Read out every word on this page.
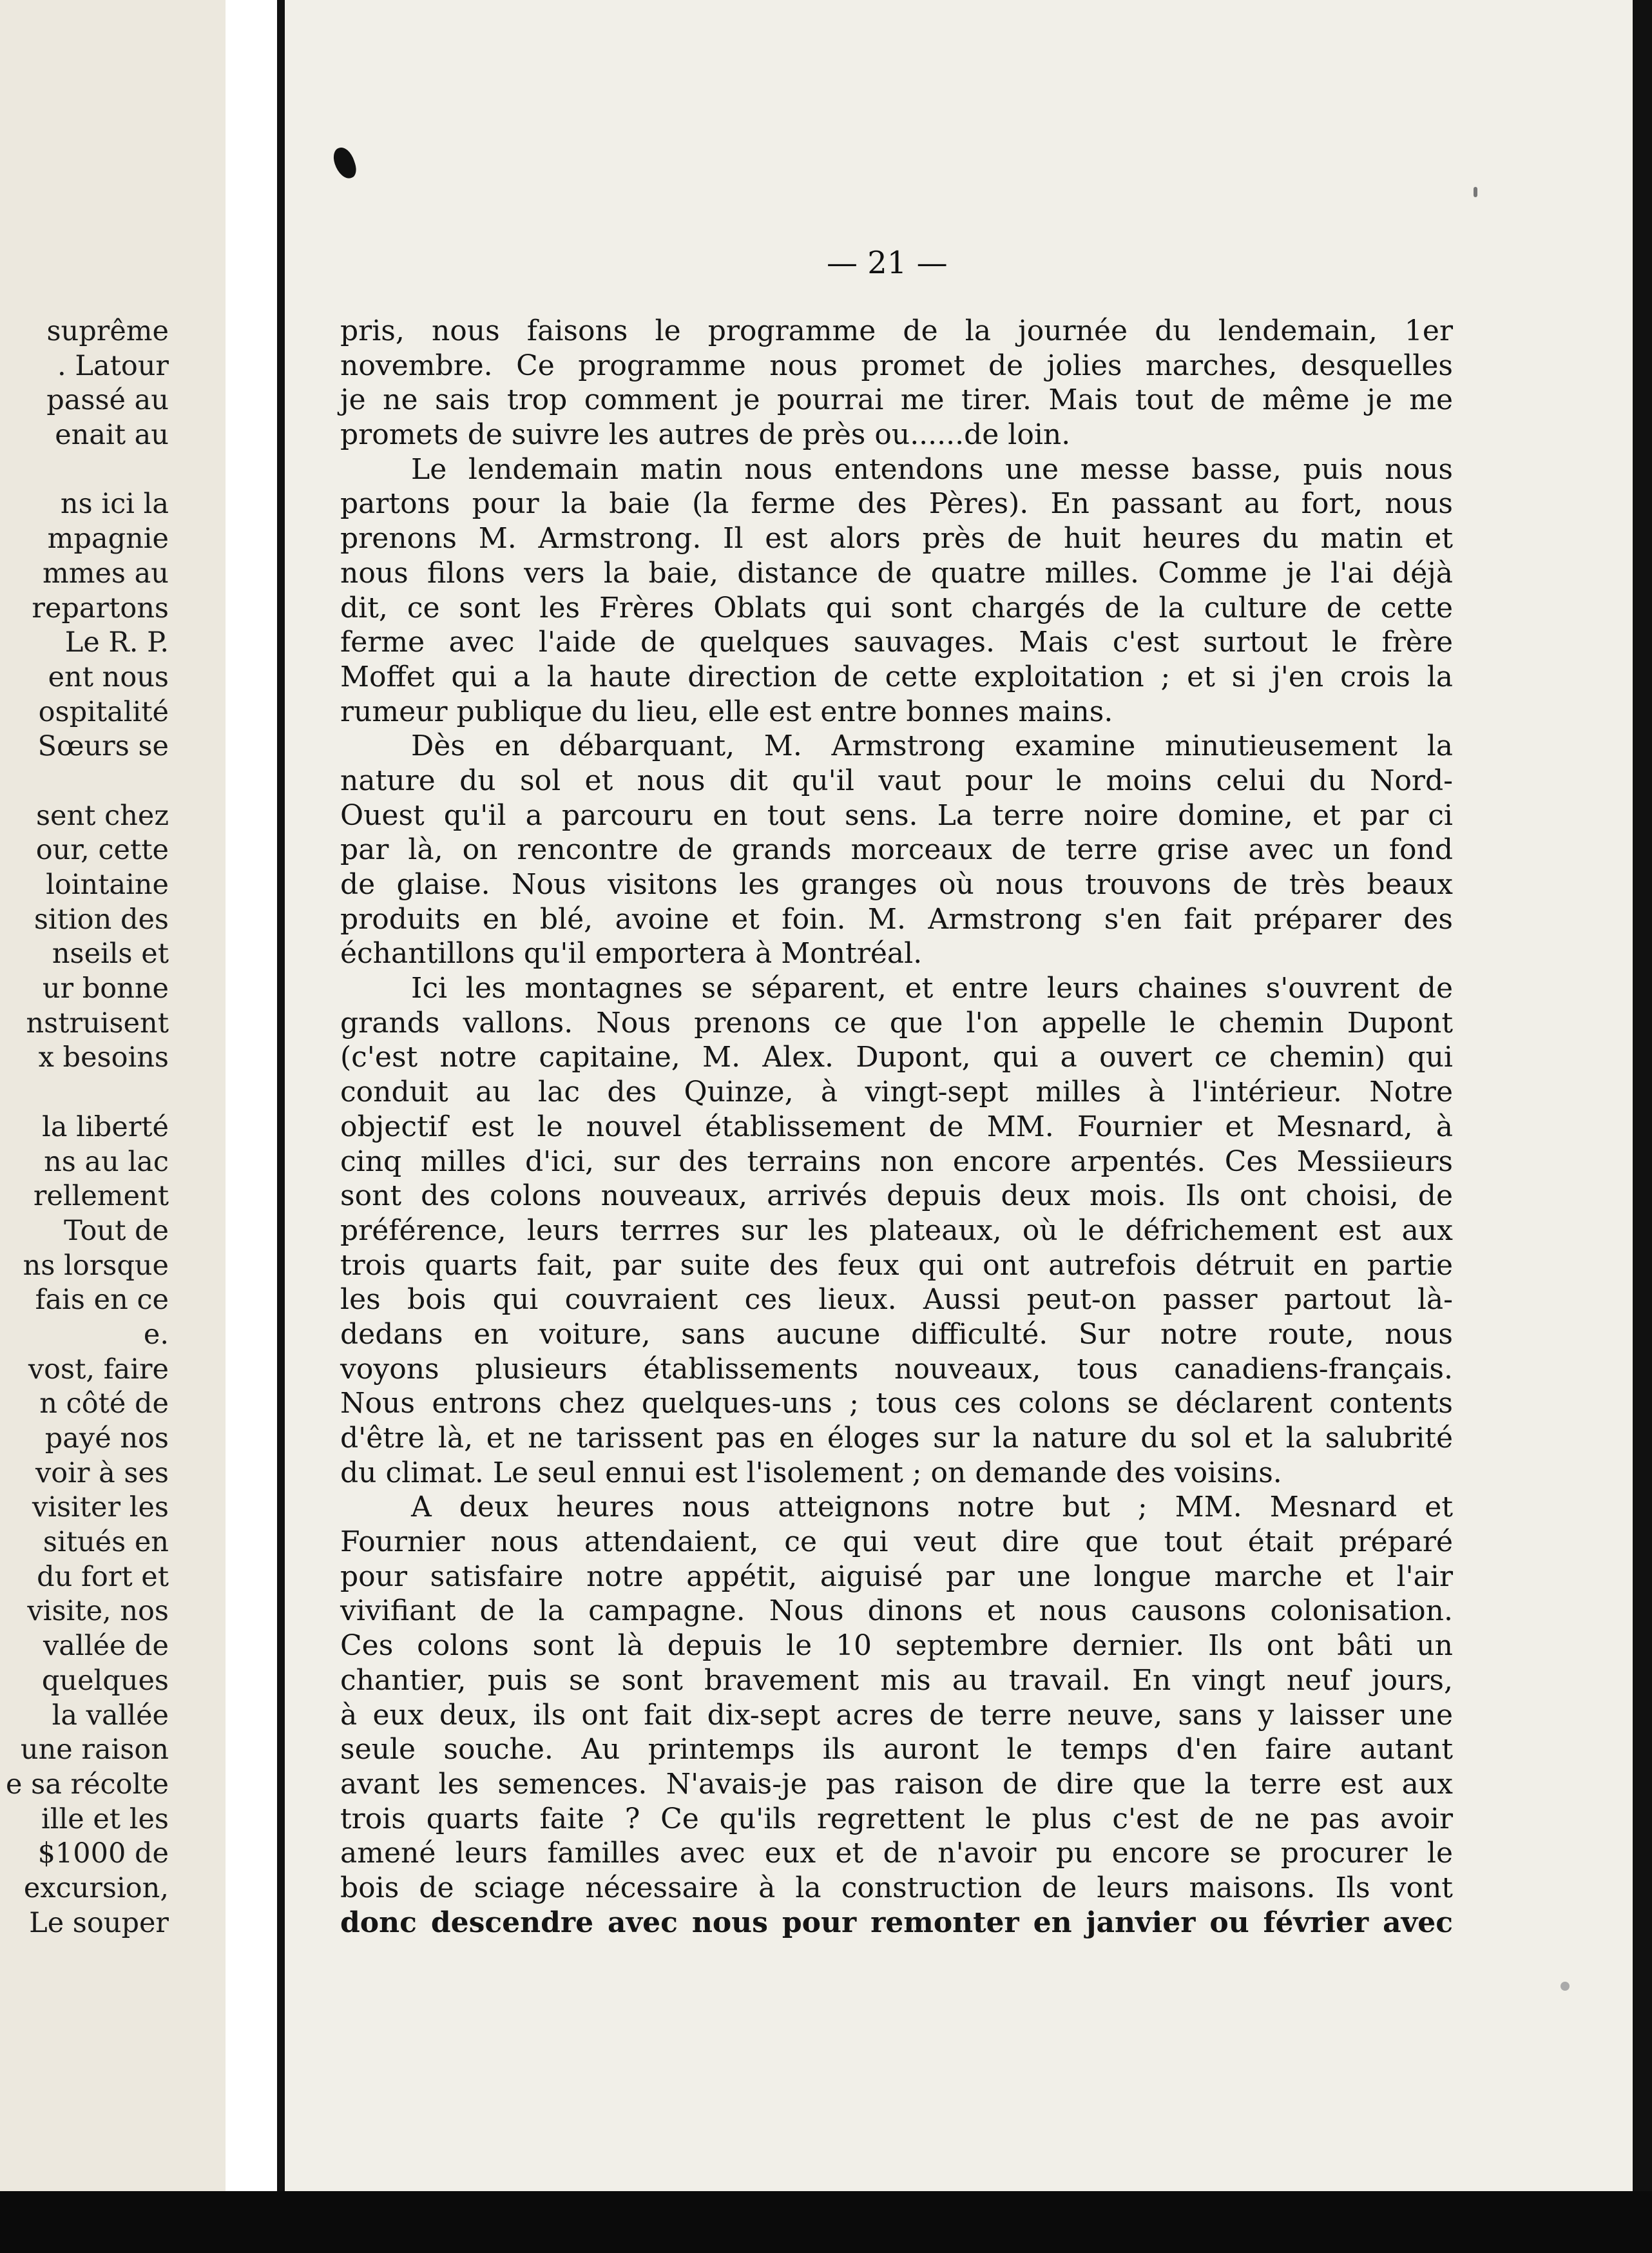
suprême
. Latour
passé au
enait au
ns ici la
mpagnie
mmes au
repartons
Le R. P.
ent nous
ospitalité
Sœurs se
sent chez
our, cette
lointaine
sition des
nseils et
ur bonne
nstruisent
x besoins
la liberté
ns au lac
rellement
Tout de
ns lorsque
fais en ce
e.
vost, faire
n côté de
payé nos
voir à ses
visiter les
situés en
du fort et
visite, nos
vallée de
quelques
la vallée
une raison
e sa récolte
ille et les
$1000 de
excursion,
Le souper
— 21 —
pris, nous faisons le programme de la journée du lendemain, 1er
novembre. Ce programme nous promet de jolies marches, desquelles
je ne sais trop comment je pourrai me tirer. Mais tout de même je me
promets de suivre les autres de près ou......de loin.
Le lendemain matin nous entendons une messe basse, puis nous
partons pour la baie (la ferme des Pères). En passant au fort, nous
prenons M. Armstrong. Il est alors près de huit heures du matin et
nous filons vers la baie, distance de quatre milles. Comme je l'ai déjà
dit, ce sont les Frères Oblats qui sont chargés de la culture de cette
ferme avec l'aide de quelques sauvages. Mais c'est surtout le frère
Moffet qui a la haute direction de cette exploitation ; et si j'en crois la
rumeur publique du lieu, elle est entre bonnes mains.
Dès en débarquant, M. Armstrong examine minutieusement la
nature du sol et nous dit qu'il vaut pour le moins celui du Nord-
Ouest qu'il a parcouru en tout sens. La terre noire domine, et par ci
par là, on rencontre de grands morceaux de terre grise avec un fond
de glaise. Nous visitons les granges où nous trouvons de très beaux
produits en blé, avoine et foin. M. Armstrong s'en fait préparer des
échantillons qu'il emportera à Montréal.
Ici les montagnes se séparent, et entre leurs chaines s'ouvrent de
grands vallons. Nous prenons ce que l'on appelle le chemin Dupont
(c'est notre capitaine, M. Alex. Dupont, qui a ouvert ce chemin) qui
conduit au lac des Quinze, à vingt-sept milles à l'intérieur. Notre
objectif est le nouvel établissement de MM. Fournier et Mesnard, à
cinq milles d'ici, sur des terrains non encore arpentés. Ces Messiieurs
sont des colons nouveaux, arrivés depuis deux mois. Ils ont choisi, de
préférence, leurs terrres sur les plateaux, où le défrichement est aux
trois quarts fait, par suite des feux qui ont autrefois détruit en partie
les bois qui couvraient ces lieux. Aussi peut-on passer partout là-
dedans en voiture, sans aucune difficulté. Sur notre route, nous
voyons plusieurs établissements nouveaux, tous canadiens-français.
Nous entrons chez quelques-uns ; tous ces colons se déclarent contents
d'être là, et ne tarissent pas en éloges sur la nature du sol et la salubrité
du climat. Le seul ennui est l'isolement ; on demande des voisins.
A deux heures nous atteignons notre but ; MM. Mesnard et
Fournier nous attendaient, ce qui veut dire que tout était préparé
pour satisfaire notre appétit, aiguisé par une longue marche et l'air
vivifiant de la campagne. Nous dinons et nous causons colonisation.
Ces colons sont là depuis le 10 septembre dernier. Ils ont bâti un
chantier, puis se sont bravement mis au travail. En vingt neuf jours,
à eux deux, ils ont fait dix-sept acres de terre neuve, sans y laisser une
seule souche. Au printemps ils auront le temps d'en faire autant
avant les semences. N'avais-je pas raison de dire que la terre est aux
trois quarts faite ? Ce qu'ils regrettent le plus c'est de ne pas avoir
amené leurs familles avec eux et de n'avoir pu encore se procurer le
bois de sciage nécessaire à la construction de leurs maisons. Ils vont
donc descendre avec nous pour remonter en janvier ou février avec
